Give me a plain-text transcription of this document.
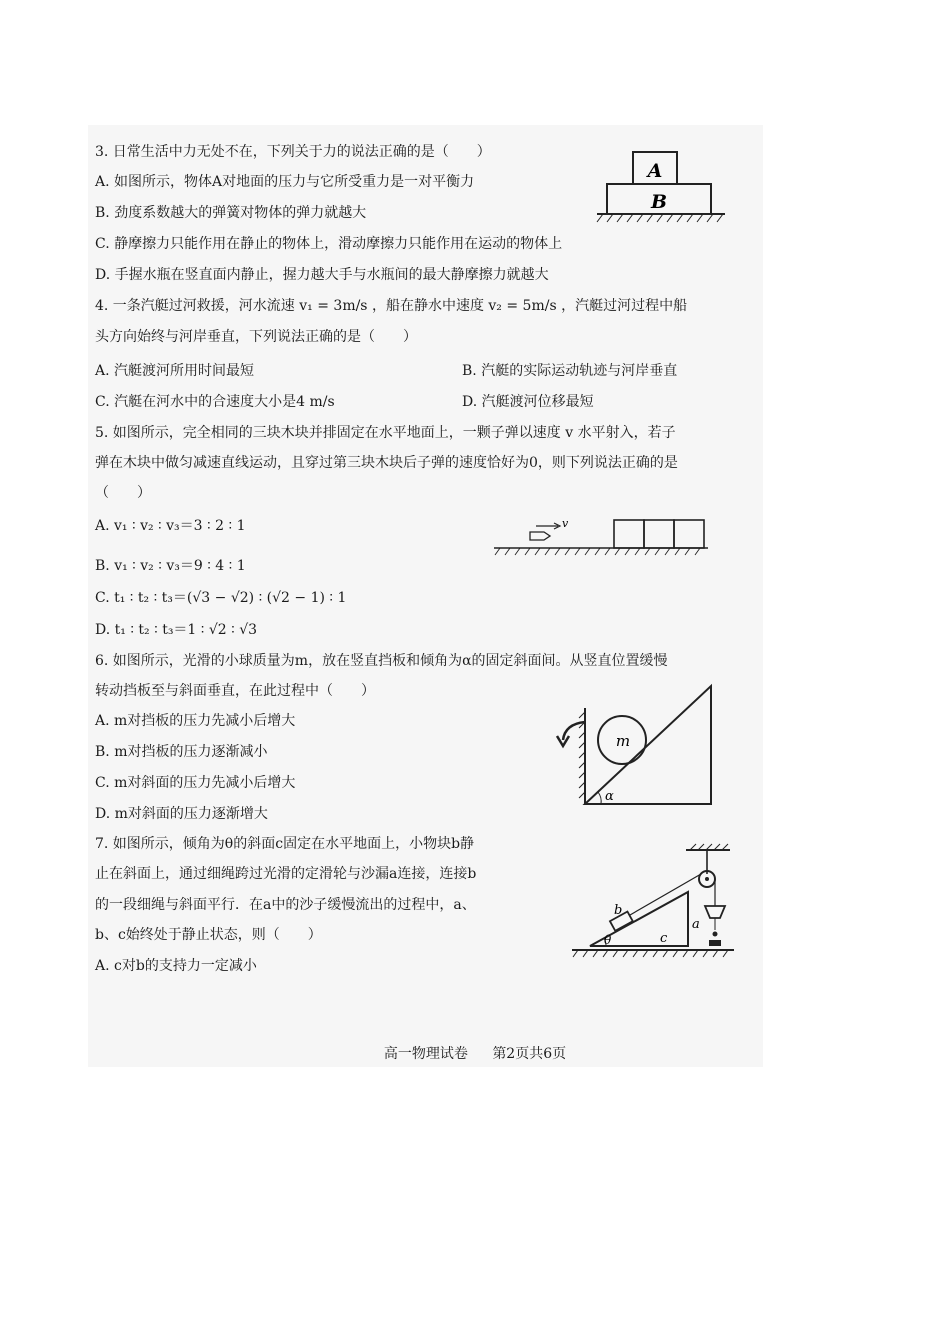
3. 日常生活中力无处不在，下列关于力的说法正确的是（　　）
A. 如图所示，物体A对地面的压力与它所受重力是一对平衡力
B. 劲度系数越大的弹簧对物体的弹力就越大
C. 静摩擦力只能作用在静止的物体上，滑动摩擦力只能作用在运动的物体上
D. 手握水瓶在竖直面内静止，握力越大手与水瓶间的最大静摩擦力就越大
A
B
4. 一条汽艇过河救援，河水流速 v₁ = 3m/s ，船在静水中速度 v₂ = 5m/s ，汽艇过河过程中船
头方向始终与河岸垂直，下列说法正确的是（　　）
A. 汽艇渡河所用时间最短	B. 汽艇的实际运动轨迹与河岸垂直
C. 汽艇在河水中的合速度大小是4 m/s	D. 汽艇渡河位移最短
5. 如图所示，完全相同的三块木块并排固定在水平地面上，一颗子弹以速度 v 水平射入，若子
弹在木块中做匀减速直线运动，且穿过第三块木块后子弹的速度恰好为0，则下列说法正确的是
（　　）
A. v₁ ∶ v₂ ∶ v₃＝3 ∶ 2 ∶ 1
B. v₁ ∶ v₂ ∶ v₃＝9 ∶ 4 ∶ 1
C. t₁ ∶ t₂ ∶ t₃＝(√3 − √2) ∶ (√2 − 1) ∶ 1
D. t₁ ∶ t₂ ∶ t₃＝1 ∶ √2 ∶ √3
v
6. 如图所示，光滑的小球质量为m，放在竖直挡板和倾角为α的固定斜面间。从竖直位置缓慢
转动挡板至与斜面垂直，在此过程中（　　）
A. m对挡板的压力先减小后增大
B. m对挡板的压力逐渐减小
C. m对斜面的压力先减小后增大
D. m对斜面的压力逐渐增大
m
α
7. 如图所示，倾角为θ的斜面c固定在水平地面上，小物块b静
止在斜面上，通过细绳跨过光滑的定滑轮与沙漏a连接，连接b
的一段细绳与斜面平行．在a中的沙子缓慢流出的过程中，a、
b、c始终处于静止状态，则（　　）
A. c对b的支持力一定减小
θ
b
c
a
高一物理试卷 第2页共6页
